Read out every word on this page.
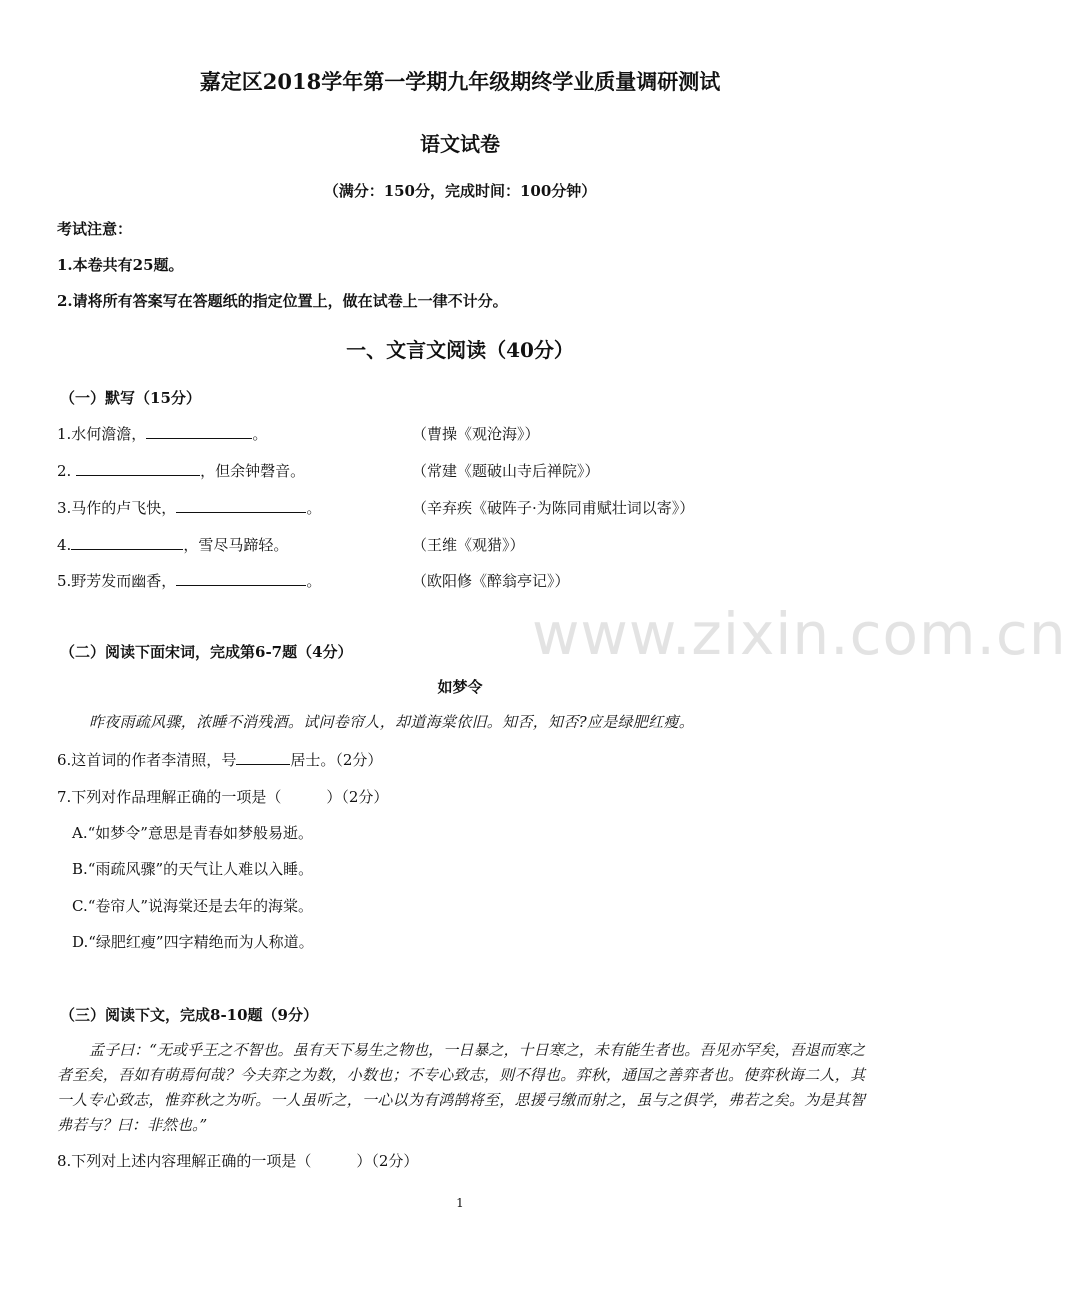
www.zixin.com.cn
嘉定区2018学年第一学期九年级期终学业质量调研测试
语文试卷
（满分：150分，完成时间：100分钟）
考试注意：
1.本卷共有25题。
2.请将所有答案写在答题纸的指定位置上，做在试卷上一律不计分。
一、文言文阅读（40分）
（一）默写（15分）
1.水何澹澹，	。	（曹操《观沧海》）
2.	，但余钟磬音。	（常建《题破山寺后禅院》）
3.马作的卢飞快，	。	（辛弃疾《破阵子·为陈同甫赋壮词以寄》）
4.	，雪尽马蹄轻。	（王维《观猎》）
5.野芳发而幽香，	。	（欧阳修《醉翁亭记》）
（二）阅读下面宋词，完成第6-7题（4分）
如梦令
昨夜雨疏风骤，浓睡不消残酒。试问卷帘人，却道海棠依旧。知否，知否?应是绿肥红瘦。
6.这首词的作者李清照，号	居士。（2分）
7.下列对作品理解正确的一项是（　　　）（2分）
A.“如梦令”意思是青春如梦般易逝。
B.“雨疏风骤”的天气让人难以入睡。
C.“卷帘人”说海棠还是去年的海棠。
D.“绿肥红瘦”四字精绝而为人称道。
（三）阅读下文，完成8-10题（9分）
孟子曰：“无或乎王之不智也。虽有天下易生之物也，一日暴之，十日寒之，未有能生者也。吾见亦罕矣，吾退而寒之者至矣，吾如有萌焉何哉？今夫弈之为数，小数也；不专心致志，则不得也。弈秋，通国之善弈者也。使弈秋诲二人，其一人专心致志，惟弈秋之为听。一人虽听之，一心以为有鸿鹄将至，思援弓缴而射之，虽与之俱学，弗若之矣。为是其智弗若与？曰：非然也。”
8.下列对上述内容理解正确的一项是（　　　）（2分）
1
